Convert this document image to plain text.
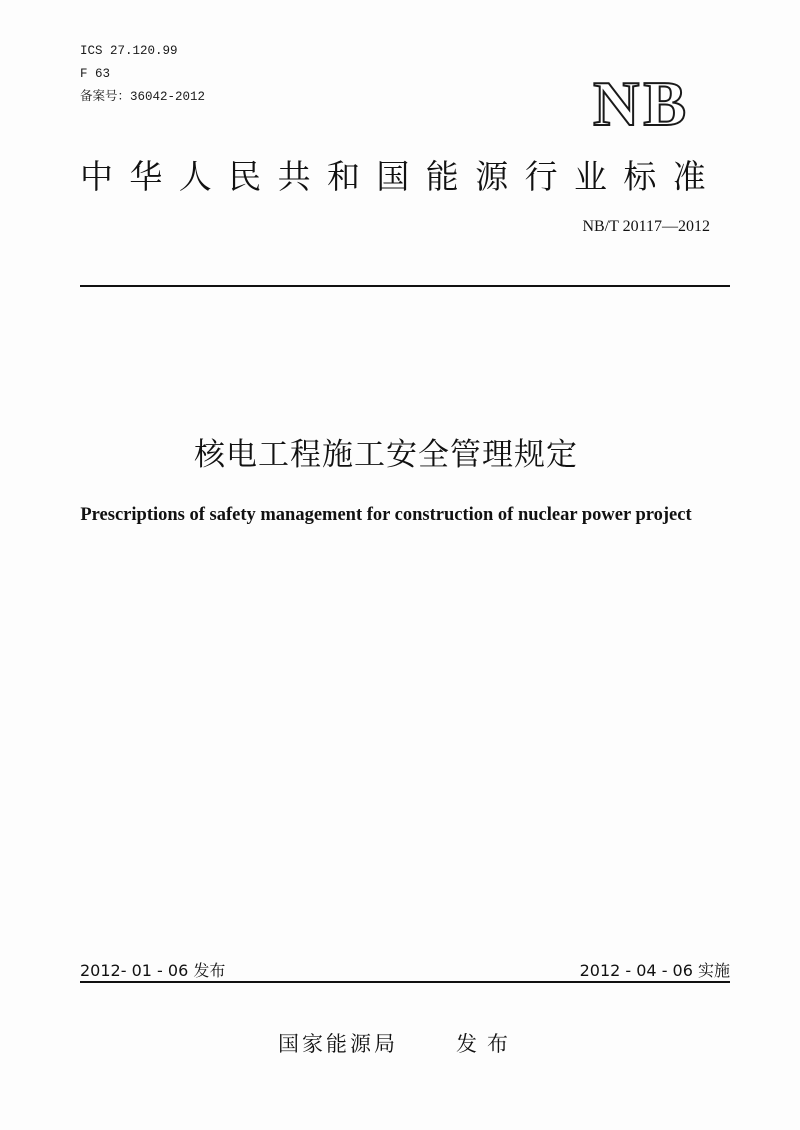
ICS 27.120.99
F 63
备案号：36042-2012	NB
中华人民共和国能源行业标准
NB/T 20117—2012
核电工程施工安全管理规定
Prescriptions of safety management for construction of nuclear power project
2012- 01 - 06 发布	2012 - 04 - 06 实施
国家能源局	发布
